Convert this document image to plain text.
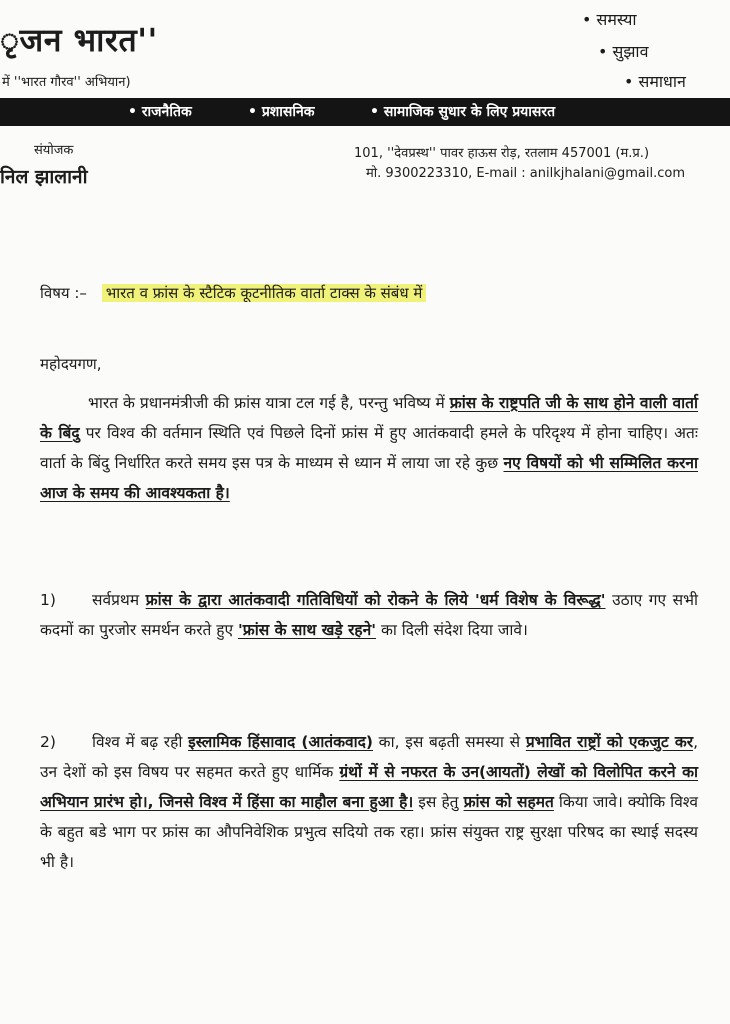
ृजन भारत''
में ''भारत गौरव'' अभियान)
• समस्या
• सुझाव
• समाधान
• राजनैतिक	• प्रशासनिक	• सामाजिक सुधार के लिए प्रयासरत
संयोजक
निल झालानी
101, ''देवप्रस्थ'' पावर हाऊस रोड़, रतलाम 457001 (म.प्र.)
मो. 9300223310, E-mail : anilkjhalani@gmail.com
विषय :– भारत व फ्रांस के स्टैटिक कूटनीतिक वार्ता टाक्स के संबंध में
महोदयगण,
भारत के प्रधानमंत्रीजी की फ्रांस यात्रा टल गई है, परन्तु भविष्य में फ्रांस के राष्ट्रपति जी के साथ होने वाली वार्ता के बिंदु पर विश्व की वर्तमान स्थिति एवं पिछले दिनों फ्रांस में हुए आतंकवादी हमले के परिदृश्य में होना चाहिए। अतः वार्ता के बिंदु निर्धारित करते समय इस पत्र के माध्यम से ध्यान में लाया जा रहे कुछ नए विषयों को भी सम्मिलित करना आज के समय की आवश्यकता है।
1) सर्वप्रथम फ्रांस के द्वारा आतंकवादी गतिविधियों को रोकने के लिये 'धर्म विशेष के विरूद्ध' उठाए गए सभी कदमों का पुरजोर समर्थन करते हुए 'फ्रांस के साथ खड़े रहने' का दिली संदेश दिया जावे।
2) विश्व में बढ़ रही इस्लामिक हिंसावाद (आतंकवाद) का, इस बढ़ती समस्या से प्रभावित राष्ट्रों को एकजुट कर, उन देशों को इस विषय पर सहमत करते हुए धार्मिक ग्रंथों में से नफरत के उन(आयतों) लेखों को विलोपित करने का अभियान प्रारंभ हो।, जिनसे विश्व में हिंसा का माहौल बना हुआ है। इस हेतु फ्रांस को सहमत किया जावे। क्योकि विश्व के बहुत बडे भाग पर फ्रांस का औपनिवेशिक प्रभुत्व सदियो तक रहा। फ्रांस संयुक्त राष्ट्र सुरक्षा परिषद का स्थाई सदस्य भी है।
